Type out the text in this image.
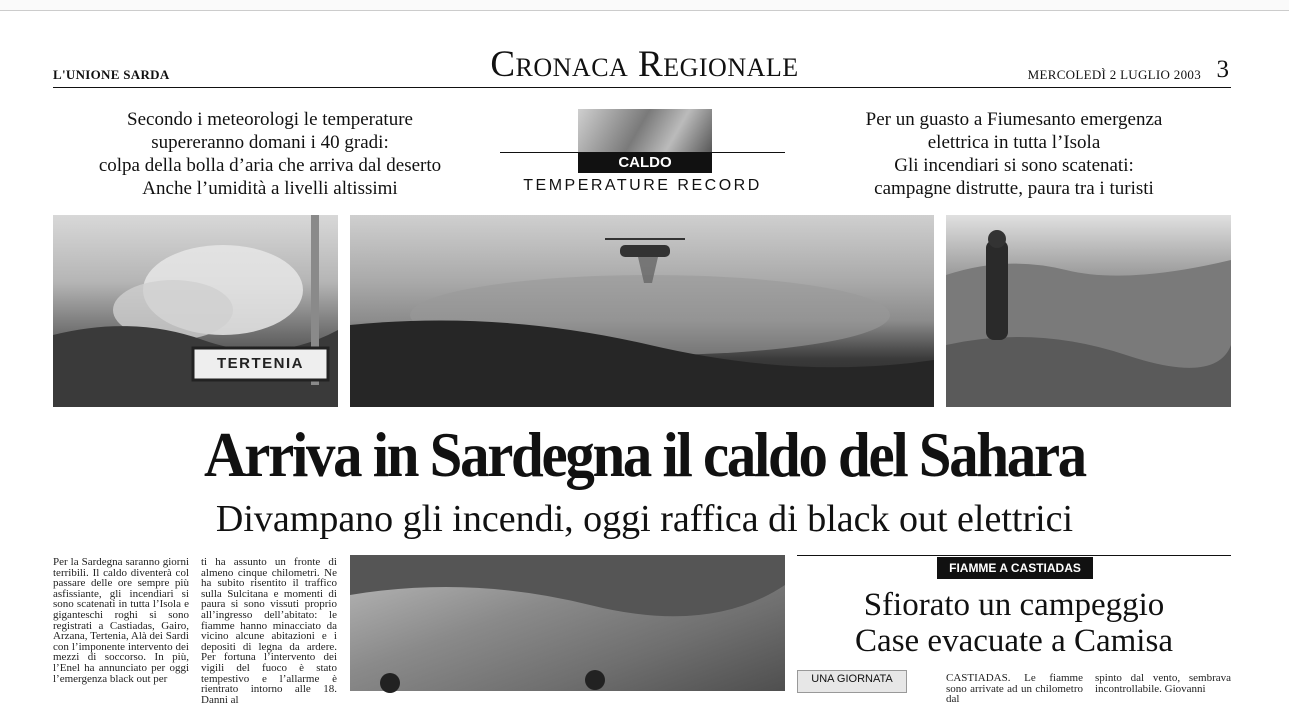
L'UNIONE SARDA	Cronaca Regionale	MERCOLEDÌ 2 LUGLIO 2003 3
Secondo i meteorologi le temperature
supereranno domani i 40 gradi:
colpa della bolla d’aria che arriva dal deserto
Anche l’umidità a livelli altissimi
CALDO
TEMPERATURE RECORD
Per un guasto a Fiumesanto emergenza
elettrica in tutta l’Isola
Gli incendiari si sono scatenati:
campagne distrutte, paura tra i turisti
TERTENIA
Arriva in Sardegna il caldo del Sahara
Divampano gli incendi, oggi raffica di black out elettrici
Per la Sardegna saranno giorni terribili. Il caldo diventerà col passare delle ore sempre più asfissiante, gli incendiari si sono scatenati in tutta l’Isola e giganteschi roghi si sono registrati a Castiadas, Gairo, Arzana, Tertenia, Alà dei Sardi con l’imponente intervento dei mezzi di soccorso. In più, l’Enel ha annunciato per oggi l’emergenza black out per
ti ha assunto un fronte di almeno cinque chilometri. Ne ha subito risentito il traffico sulla Sulcitana e momenti di paura si sono vissuti proprio all’ingresso dell’abitato: le fiamme hanno minacciato da vicino alcune abitazioni e i depositi di legna da ardere. Per fortuna l’intervento dei vigili del fuoco è stato tempestivo e l’allarme è rientrato intorno alle 18. Danni al
FIAMME A CASTIADAS
Sfiorato un campeggio
Case evacuate a Camisa
UNA GIORNATA	CASTIADAS. Le fiamme sono arrivate ad un chilometro dal
spinto dal vento, sembrava incontrollabile. Giovanni
